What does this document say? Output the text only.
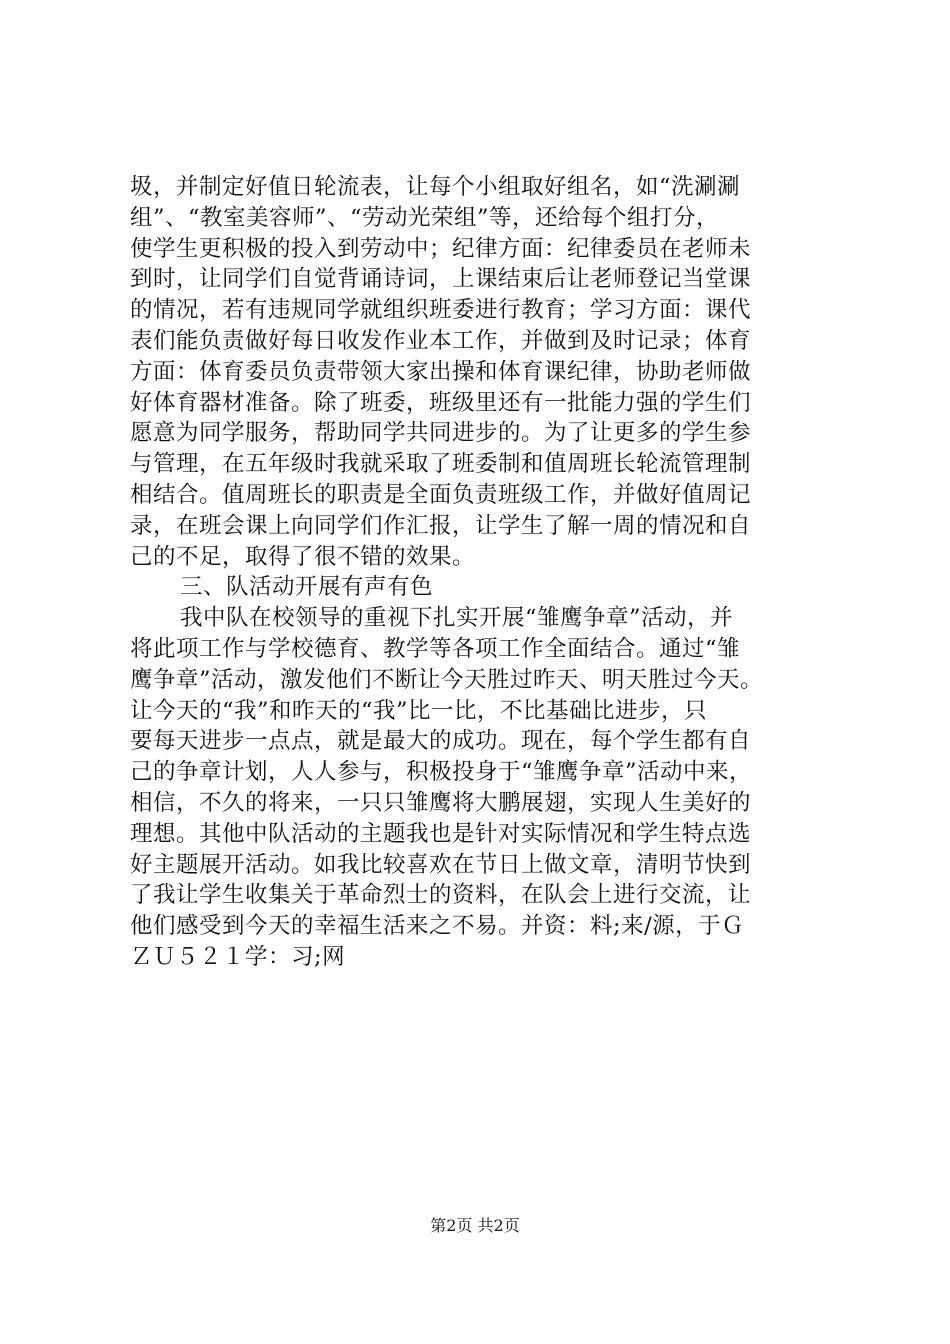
圾，并制定好值日轮流表，让每个小组取好组名，如“洗涮涮
组”、“教室美容师”、“劳动光荣组”等，还给每个组打分，
使学生更积极的投入到劳动中；纪律方面：纪律委员在老师未
到时，让同学们自觉背诵诗词，上课结束后让老师登记当堂课
的情况，若有违规同学就组织班委进行教育；学习方面：课代
表们能负责做好每日收发作业本工作，并做到及时记录；体育
方面：体育委员负责带领大家出操和体育课纪律，协助老师做
好体育器材准备。除了班委，班级里还有一批能力强的学生们
愿意为同学服务，帮助同学共同进步的。为了让更多的学生参
与管理，在五年级时我就采取了班委制和值周班长轮流管理制
相结合。值周班长的职责是全面负责班级工作，并做好值周记
录，在班会课上向同学们作汇报，让学生了解一周的情况和自
己的不足，取得了很不错的效果。
三、队活动开展有声有色
我中队在校领导的重视下扎实开展“雏鹰争章”活动，并
将此项工作与学校德育、教学等各项工作全面结合。通过“雏
鹰争章”活动，激发他们不断让今天胜过昨天、明天胜过今天。
让今天的“我”和昨天的“我”比一比，不比基础比进步，只
要每天进步一点点，就是最大的成功。现在，每个学生都有自
己的争章计划，人人参与，积极投身于“雏鹰争章”活动中来，
相信，不久的将来，一只只雏鹰将大鹏展翅，实现人生美好的
理想。其他中队活动的主题我也是针对实际情况和学生特点选
好主题展开活动。如我比较喜欢在节日上做文章，清明节快到
了我让学生收集关于革命烈士的资料，在队会上进行交流，让
他们感受到今天的幸福生活来之不易。并资：料;来/源，于Ｇ
ＺＵ５２１学：习;网
第2页 共2页
